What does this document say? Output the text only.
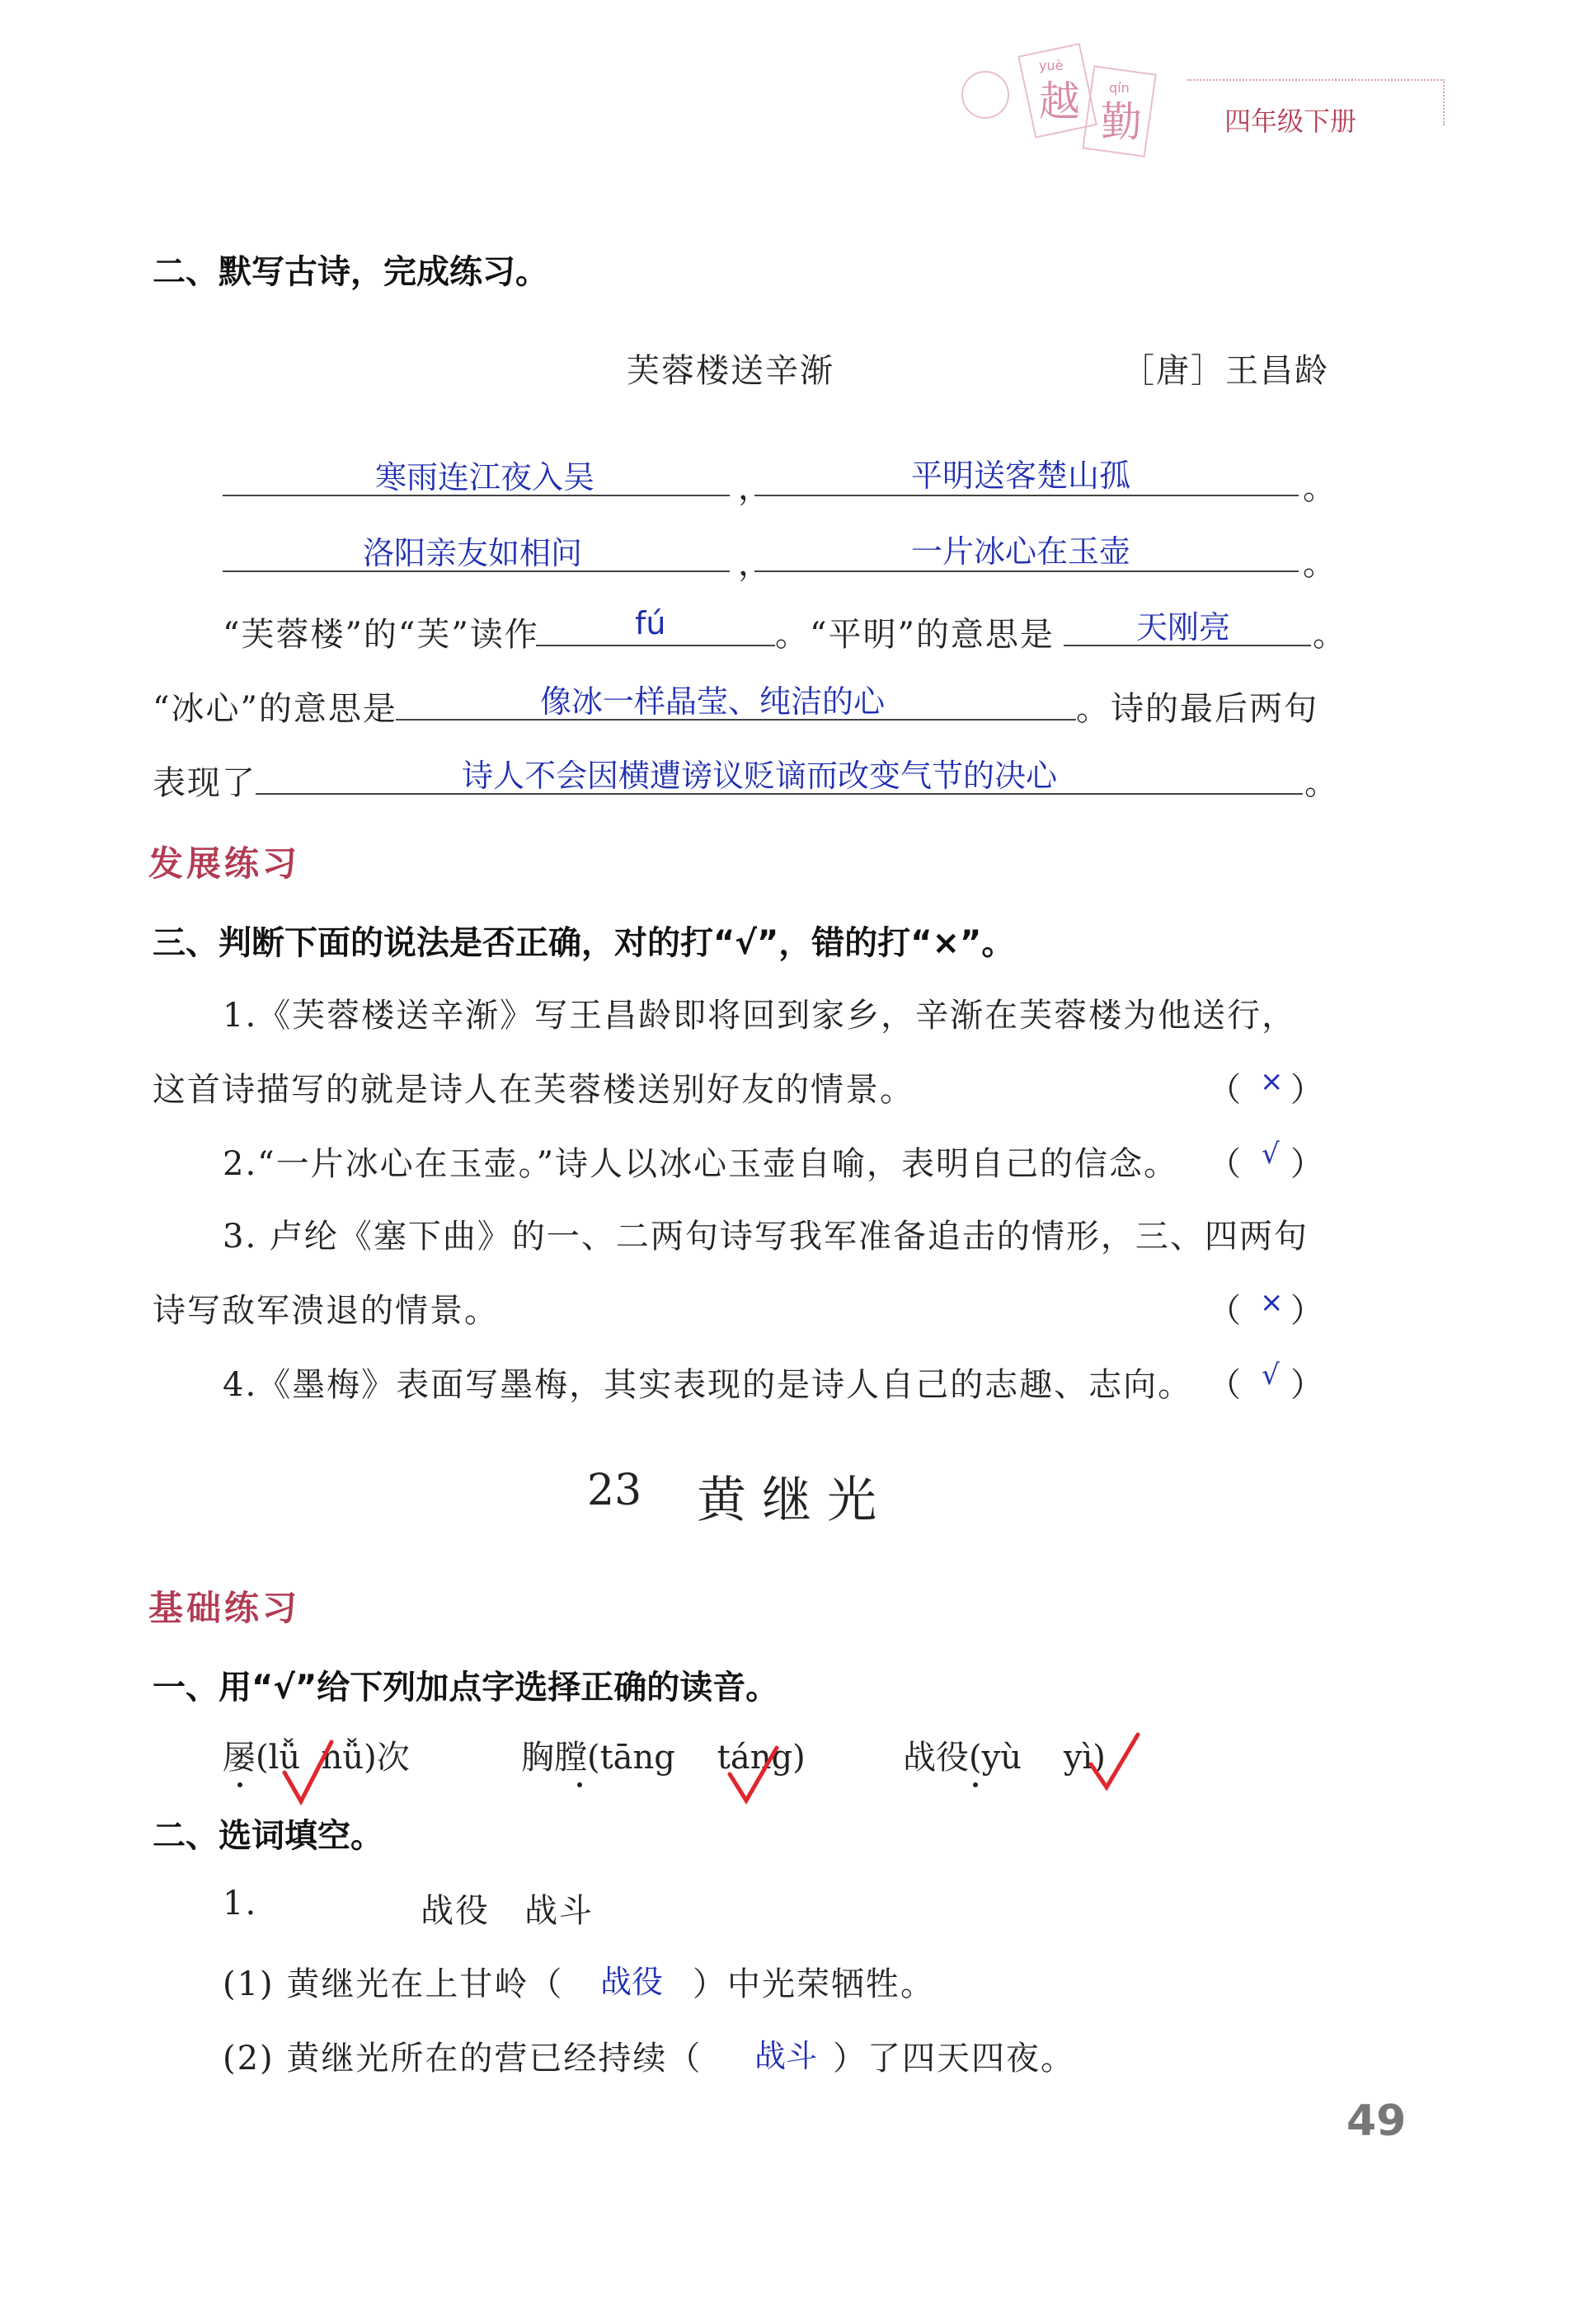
yuè
越 qín
勤	四年级下册
二、默写古诗，完成练习。
芙蓉楼送辛渐	［唐］王昌龄
寒雨连江夜入吴	，	平明送客楚山孤	。
洛阳亲友如相问	，	一片冰心在玉壶	。
“芙蓉楼”的“芙”读作	fú	。“平明”的意思是	天刚亮 。
“冰心”的意思是	像冰一样晶莹、纯洁的心	。诗的最后两句
表现了	诗人不会因横遭谤议贬谪而改变气节的决心	。
发展练习
三、判断下面的说法是否正确，对的打“√”，错的打“×”。
1.《芙蓉楼送辛渐》写王昌龄即将回到家乡，辛渐在芙蓉楼为他送行，
这首诗描写的就是诗人在芙蓉楼送别好友的情景。	（ × ）
2.“一片冰心在玉壶。”诗人以冰心玉壶自喻，表明自己的信念。 （ √ ）
3. 卢纶《塞下曲》的一、二两句诗写我军准备追击的情形，三、四两句
诗写敌军溃退的情景。	（ × ）
4.《墨梅》表面写墨梅，其实表现的是诗人自己的志趣、志向。 （ √ ）
23 黄 继 光
基础练习
一、用“√”给下列加点字选择正确的读音。
屡(lǚ nǚ)次	胸膛(tāng táng)	战役(yù yì)
二、选词填空。
1.	战役　战斗
(1) 黄继光在上甘岭（ 战役 ）中光荣牺牲。
(2) 黄继光所在的营已经持续（ 战斗 ）了四天四夜。
49
